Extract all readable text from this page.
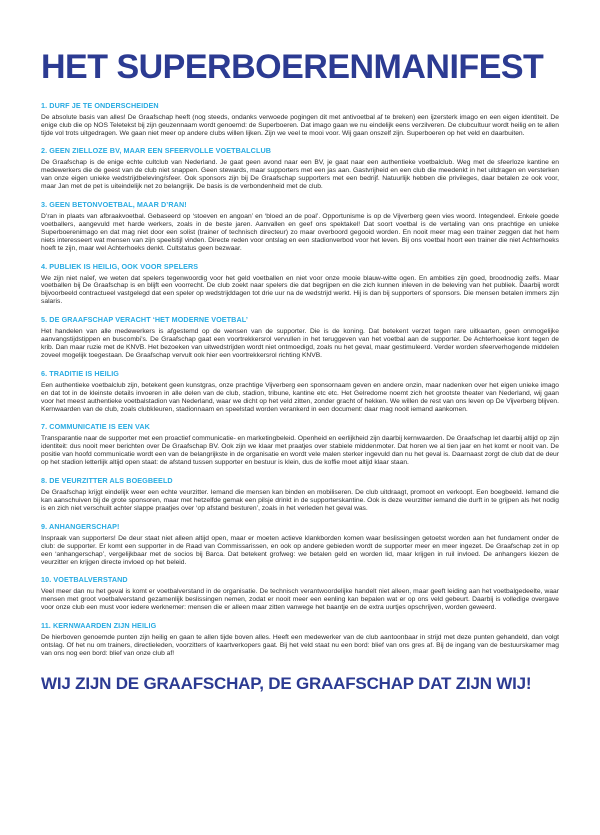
HET SUPERBOERENMANIFEST
1. DURF JE TE ONDERSCHEIDEN

De absolute basis van alles! De Graafschap heeft (nog steeds, ondanks verwoede pogingen dit met antivoetbal af te breken) een ijzersterk imago en een eigen identiteit. De enige club die op NOS Teletekst bij zijn geuzennaam wordt genoemd: de Superboeren. Dat imago gaan we nu eindelijk eens verzilveren. De clubcultuur wordt heilig en te allen tijde vol trots uitgedragen. We gaan niet meer op andere clubs willen lijken. Zijn we veel te mooi voor. Wij gaan onszelf zijn. Superboeren op het veld en daarbuiten.

2. GEEN ZIELLOZE BV, MAAR EEN SFEERVOLLE VOETBALCLUB

De Graafschap is de enige echte cultclub van Nederland. Je gaat geen avond naar een BV, je gaat naar een authentieke voetbalclub. Weg met de sfeerloze kantine en medewerkers die de geest van de club niet snappen. Geen stewards, maar supporters met een jas aan. Gastvrijheid en een club die meedenkt in het uitdragen en versterken van onze eigen unieke wedstrijdbeleving/sfeer. Ook sponsors zijn bij De Graafschap supporters met een bedrijf. Natuurlijk hebben die privileges, daar betalen ze ook voor, maar Jan met de pet is uiteindelijk net zo belangrijk. De basis is de verbondenheid met de club.

3. GEEN BETONVOETBAL, MAAR D’RAN!

D’ran in plaats van afbraakvoetbal. Gebaseerd op ‘stoeven en angoan’ en ‘bloed an de poal’. Opportunisme is op de Vijverberg geen vies woord. Integendeel. Enkele goede voetballers, aangevuld met harde werkers, zoals in de beste jaren. Aanvallen en geef ons spektakel! Dat soort voetbal is de vertaling van ons prachtige en unieke Superboerenimago en dat mag niet door een solist (trainer of technisch directeur) zo maar overboord gegooid worden. En nooit meer mag een trainer zeggen dat het hem niets interesseert wat mensen van zijn speelstijl vinden. Directe reden voor ontslag en een stadionverbod voor het leven. Bij ons voetbal hoort een trainer die niet Achterhoeks hoeft te zijn, maar wel Achterhoeks denkt. Cultstatus geen bezwaar.

4. PUBLIEK IS HEILIG, OOK VOOR SPELERS

We zijn niet naïef, we weten dat spelers tegenwoordig voor het geld voetballen en niet voor onze mooie blauw-witte ogen. En ambities zijn goed, broodnodig zelfs. Maar voetballen bij De Graafschap is en blijft een voorrecht. De club zoekt naar spelers die dat begrijpen en die zich kunnen inleven in de beleving van het publiek. Daarbij wordt bijvoorbeeld contractueel vastgelegd dat een speler op wedstrijddagen tot drie uur na de wedstrijd werkt. Hij is dan bij supporters of sponsors. Die mensen betalen immers zijn salaris.

5. DE GRAAFSCHAP VERACHT ‘HET MODERNE VOETBAL’

Het handelen van alle medewerkers is afgestemd op de wensen van de supporter. Die is de koning. Dat betekent verzet tegen rare uitkaarten, geen onmogelijke aanvangstijdstippen en buscombi’s. De Graafschap gaat een voortrekkersrol vervullen in het teruggeven van het voetbal aan de supporter. De Achterhoekse kont tegen de krib. Dan maar ruzie met de KNVB. Het bezoeken van uitwedstrijden wordt niet ontmoedigd, zoals nu het geval, maar gestimuleerd. Verder worden sfeerverhogende middelen zoveel mogelijk toegestaan. De Graafschap vervult ook hier een voortrekkersrol richting KNVB.

6. TRADITIE IS HEILIG

Een authentieke voetbalclub zijn, betekent geen kunstgras, onze prachtige Vijverberg een sponsornaam geven en andere onzin, maar nadenken over het eigen unieke imago en dat tot in de kleinste details invoeren in alle delen van de club, stadion, tribune, kantine etc etc. Het Gelredome noemt zich het grootste theater van Nederland, wij gaan voor het meest authentieke voetbalstadion van Nederland, waar we dicht op het veld zitten, zonder gracht of hekken. We willen de rest van ons leven op De Vijverberg blijven. Kernwaarden van de club, zoals clubkleuren, stadionnaam en speelstad worden verankerd in een document: daar mag nooit iemand aankomen.

7. COMMUNICATIE IS EEN VAK

Transparantie naar de supporter met een proactief communicatie- en marketingbeleid. Openheid en eerlijkheid zijn daarbij kernwaarden. De Graafschap let daarbij altijd op zijn identiteit: dus nooit meer berichten over De Graafschap BV. Ook zijn we klaar met praatjes over stabiele middenmoter. Dat horen we al tien jaar en het komt er nooit van. De positie van hoofd communicatie wordt een van de belangrijkste in de organisatie en wordt vele malen sterker ingevuld dan nu het geval is. Daarnaast zorgt de club dat de deur op het stadion letterlijk altijd open staat: de afstand tussen supporter en bestuur is klein, dus de koffie moet altijd klaar staan.

8. DE VEURZITTER ALS BOEGBEELD

De Graafschap krijgt eindelijk weer een echte veurzitter. Iemand die mensen kan binden en mobiliseren. De club uitdraagt, promoot en verkoopt. Een boegbeeld. Iemand die kan aanschuiven bij de grote sponsoren, maar met hetzelfde gemak een pilsje drinkt in de supporterskantine. Ook is deze veurzitter iemand die durft in te grijpen als het nodig is en zich niet verschuilt achter slappe praatjes over ‘op afstand besturen’, zoals in het verleden het geval was.

9. ANHANGERSCHAP!

Inspraak van supporters! De deur staat niet alleen altijd open, maar er moeten actieve klankborden komen waar beslissingen getoetst worden aan het fundament onder de club: de supporter. Er komt een supporter in de Raad van Commissarissen, en ook op andere gebieden wordt de supporter meer en meer ingezet. De Graafschap zet in op een ‘anhangerschap’, vergelijkbaar met de socios bij Barca. Dat betekent grofweg: we betalen geld en worden lid, maar krijgen in ruil invloed. De anhangers kiezen de veurzitter en krijgen directe invloed op het beleid.

10. VOETBALVERSTAND

Veel meer dan nu het geval is komt er voetbalverstand in de organisatie. De technisch verantwoordelijke handelt niet alleen, maar geeft leiding aan het voetbalgedeelte, waar mensen met groot voetbalverstand gezamenlijk beslissingen nemen, zodat er nooit meer een eenling kan bepalen wat er op ons veld gebeurt. Daarbij is volledige overgave voor onze club een must voor iedere werknemer: mensen die er alleen maar zitten vanwege het baantje en de extra uurtjes opschrijven, worden geweerd.

11. KERNWAARDEN ZIJN HEILIG

De hierboven genoemde punten zijn heilig en gaan te allen tijde boven alles. Heeft een medewerker van de club aantoonbaar in strijd met deze punten gehandeld, dan volgt ontslag. Of het nu om trainers, directieleden, voorzitters of kaartverkopers gaat. Bij het veld staat nu een bord: blief van ons gres af. Bij de ingang van de bestuurskamer mag van ons nog een bord: blief van onze club af!

WIJ ZIJN DE GRAAFSCHAP, DE GRAAFSCHAP DAT ZIJN WIJ!
